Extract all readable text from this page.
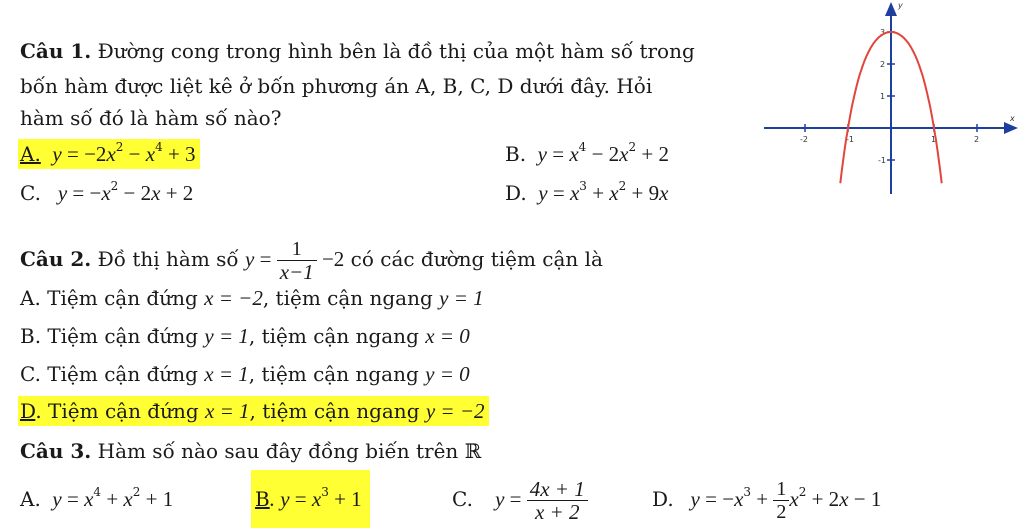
Câu 1. Đường cong trong hình bên là đồ thị của một hàm số trong
bốn hàm được liệt kê ở bốn phương án A, B, C, D dưới đây. Hỏi
hàm số đó là hàm số nào?
A.  $y = -2x^2 - x^4 + 3$	B.  $y = x^4 - 2x^2 + 2$
C.   $y = -x^2 - 2x + 2$	D.  $y = x^3 + x^2 + 9x$
-2	-1	1	2
3
2
1
-1
x
y
Câu 2. Đồ thị hàm số $y = \frac{1}{x-1} -2$ có các đường tiệm cận là
A. Tiệm cận đứng x = −2, tiệm cận ngang y = 1
B. Tiệm cận đứng y = 1, tiệm cận ngang x = 0
C. Tiệm cận đứng x = 1, tiệm cận ngang y = 0
D. Tiệm cận đứng x = 1, tiệm cận ngang y = −2
Câu 3. Hàm số nào sau đây đồng biến trên ℝ
A.  $y = x^4 + x^2 + 1$	B. $y = x^3 + 1$	C.    $y = \frac{4x + 1}{x + 2}$	D.   $y = -x^3 + \frac{1}{2} x^2 + 2x - 1$
